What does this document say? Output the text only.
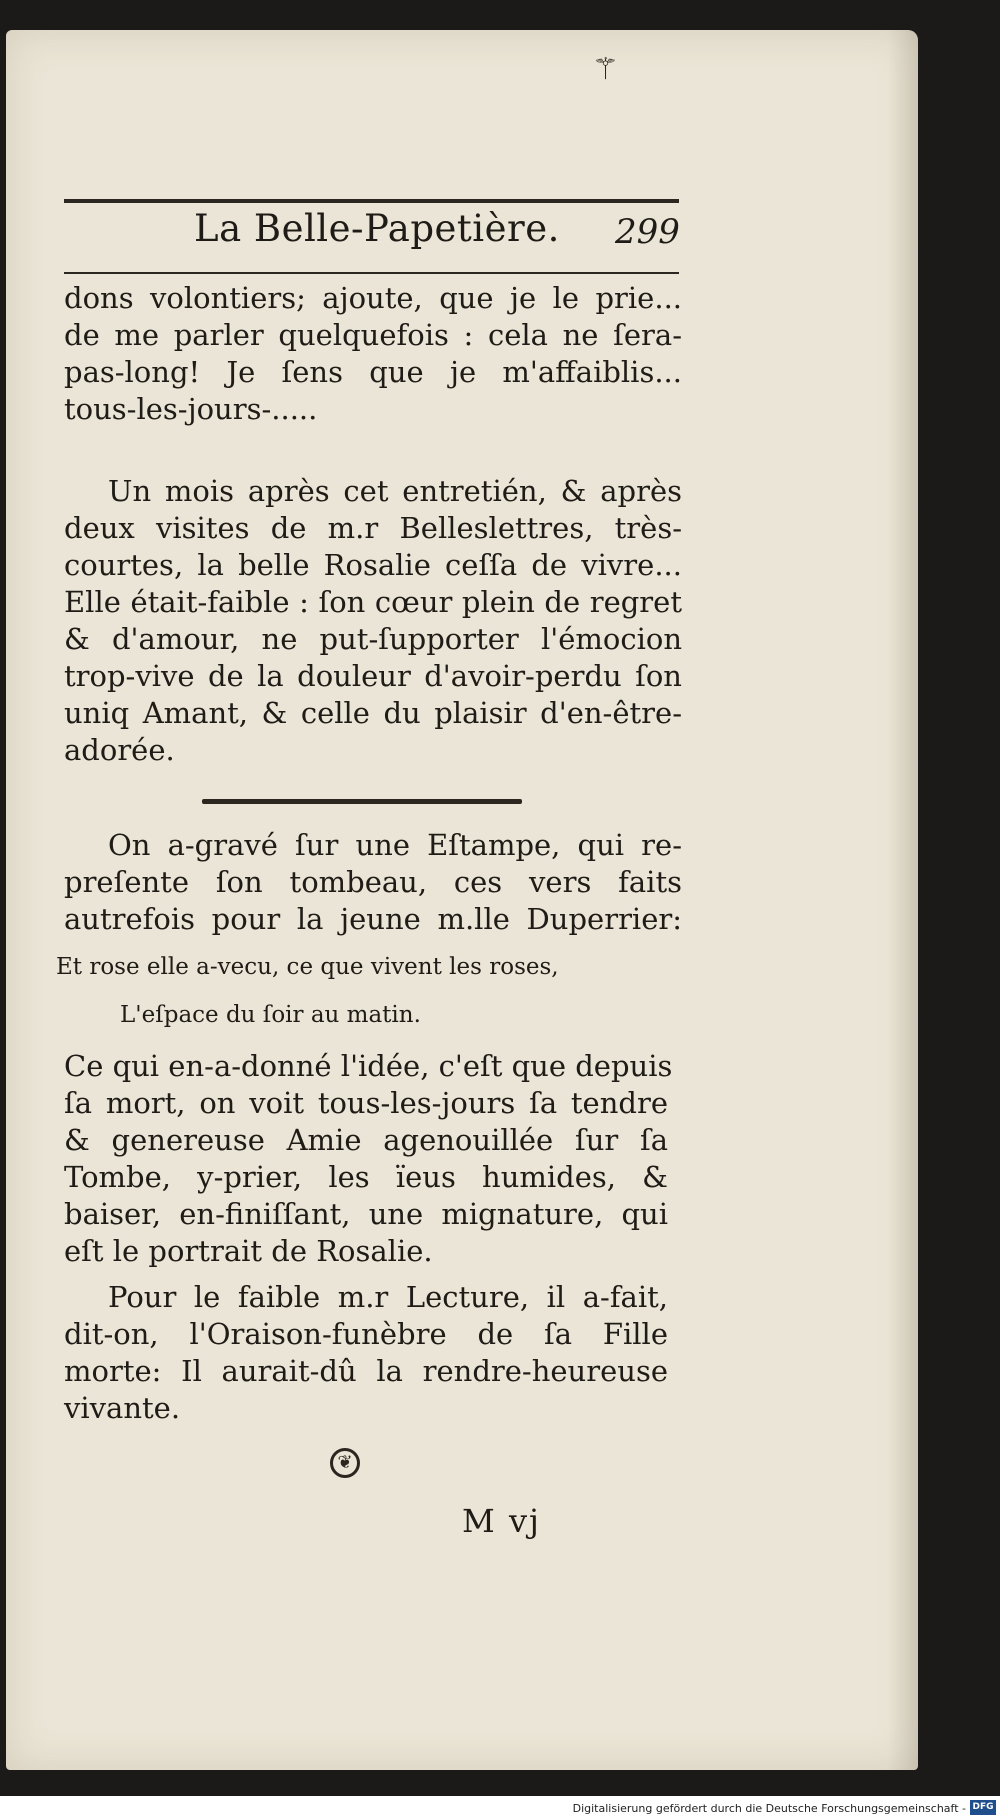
⚚
La Belle-Papetière. 299
dons volontiers; ajoute, que je le prie...
de me parler quelquefois : cela ne ſera-
pas-long! Je ſens que je m'affaiblis...
tous-les-jours-.....
Un mois après cet entretién, & après
deux visites de m.r Belleslettres, très-
courtes, la belle Rosalie ceſſa de vivre...
Elle était-faible : ſon cœur plein de regret
& d'amour, ne put-ſupporter l'émocion
trop-vive de la douleur d'avoir-perdu ſon
uniq Amant, & celle du plaisir d'en-être-
adorée.
On a-gravé ſur une Eſtampe, qui re-
preſente ſon tombeau, ces vers faits
autrefois pour la jeune m.lle Duperrier:
Et rose elle a-vecu, ce que vivent les roses,
L'eſpace du ſoir au matin.
Ce qui en-a-donné l'idée, c'eſt que depuis
ſa mort, on voit tous-les-jours ſa tendre
& genereuse Amie agenouillée ſur ſa
Tombe, y-prier, les ïeus humides, &
baiser, en-finiſſant, une mignature, qui
eſt le portrait de Rosalie.
Pour le faible m.r Lecture, il a-fait,
dit-on, l'Oraison-funèbre de ſa Fille
morte: Il aurait-dû la rendre-heureuse
vivante.
❦
M vj
Digitalisierung gefördert durch die Deutsche Forschungsgemeinschaft - DFG
